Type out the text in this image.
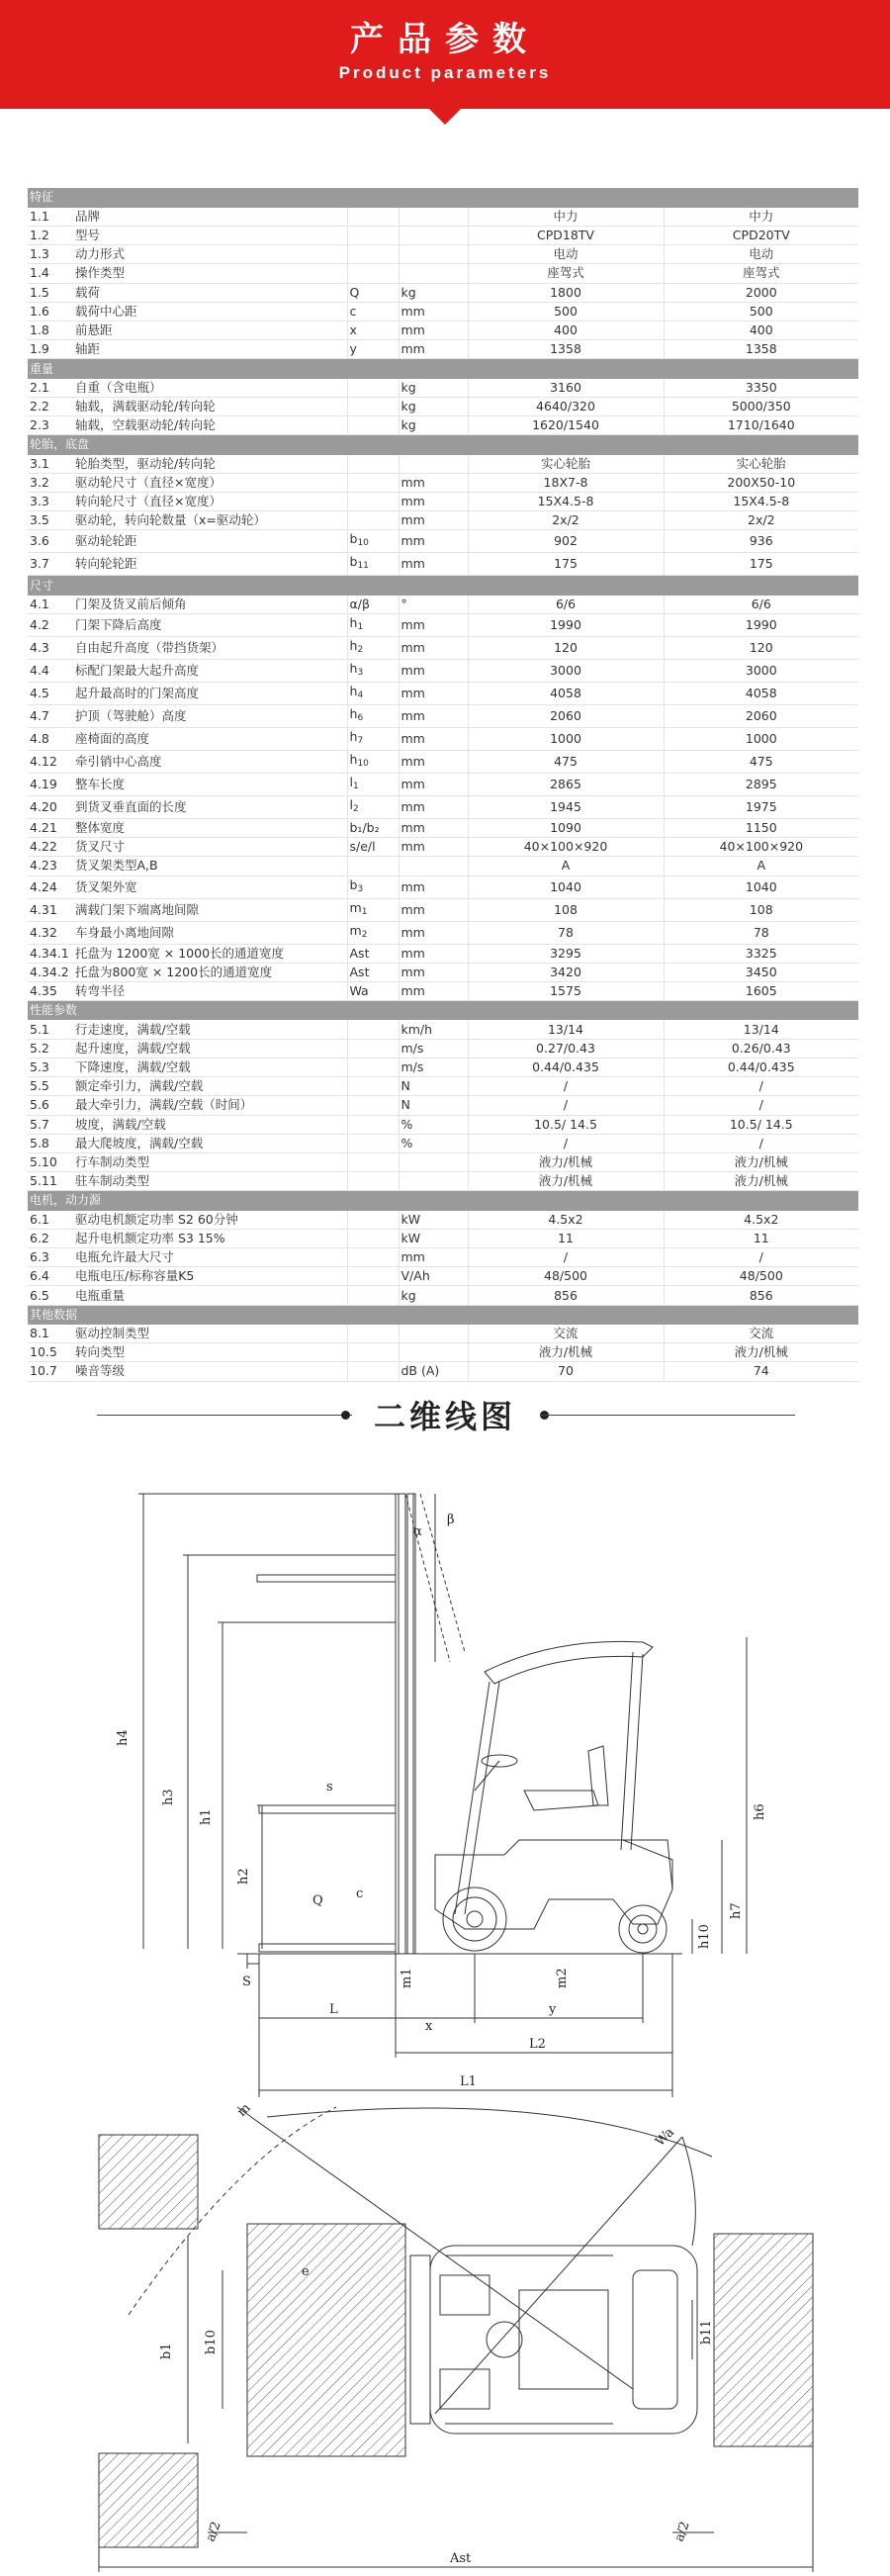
产品参数
Product parameters
特征					
1.1	品牌			中力	中力
1.2	型号			CPD18TV	CPD20TV
1.3	动力形式			电动	电动
1.4	操作类型			座驾式	座驾式
1.5	载荷	Q	kg	1800	2000
1.6	载荷中心距	c	mm	500	500
1.8	前悬距	x	mm	400	400
1.9	轴距	y	mm	1358	1358
重量					
2.1	自重（含电瓶）		kg	3160	3350
2.2	轴载，满载驱动轮/转向轮		kg	4640/320	5000/350
2.3	轴载，空载驱动轮/转向轮		kg	1620/1540	1710/1640
轮胎，底盘					
3.1	轮胎类型，驱动轮/转向轮			实心轮胎	实心轮胎
3.2	驱动轮尺寸（直径×宽度）		mm	18X7-8	200X50-10
3.3	转向轮尺寸（直径×宽度）		mm	15X4.5-8	15X4.5-8
3.5	驱动轮，转向轮数量（x=驱动轮）		mm	2x/2	2x/2
3.6	驱动轮轮距	$b_{10}$	mm	902	936
3.7	转向轮轮距	$b_{11}$	mm	175	175
尺寸					
4.1	门架及货叉前后倾角	α/β	°	6/6	6/6
4.2	门架下降后高度	$h_1$	mm	1990	1990
4.3	自由起升高度（带挡货架）	$h_2$	mm	120	120
4.4	标配门架最大起升高度	$h_3$	mm	3000	3000
4.5	起升最高时的门架高度	$h_4$	mm	4058	4058
4.7	护顶（驾驶舱）高度	$h_6$	mm	2060	2060
4.8	座椅面的高度	$h_7$	mm	1000	1000
4.12	牵引销中心高度	$h_{10}$	mm	475	475
4.19	整车长度	$l_1$	mm	2865	2895
4.20	到货叉垂直面的长度	$l_2$	mm	1945	1975
4.21	整体宽度	b₁/b₂	mm	1090	1150
4.22	货叉尺寸	s/e/l	mm	40×100×920	40×100×920
4.23	货叉架类型A,B			A	A
4.24	货叉架外宽	$b_3$	mm	1040	1040
4.31	满载门架下端离地间隙	$m_1$	mm	108	108
4.32	车身最小离地间隙	$m_2$	mm	78	78
4.34.1	托盘为 1200宽 × 1000长的通道宽度	Ast	mm	3295	3325
4.34.2	托盘为800宽 × 1200长的通道宽度	Ast	mm	3420	3450
4.35	转弯半径	Wa	mm	1575	1605
性能参数					
5.1	行走速度，满载/空载		km/h	13/14	13/14
5.2	起升速度，满载/空载		m/s	0.27/0.43	0.26/0.43
5.3	下降速度，满载/空载		m/s	0.44/0.435	0.44/0.435
5.5	额定牵引力，满载/空载		N	/	/
5.6	最大牵引力，满载/空载（时间）		N	/	/
5.7	坡度，满载/空载		%	10.5/ 14.5	10.5/ 14.5
5.8	最大爬坡度，满载/空载		%	/	/
5.10	行车制动类型			液力/机械	液力/机械
5.11	驻车制动类型			液力/机械	液力/机械
电机，动力源					
6.1	驱动电机额定功率 S2 60分钟		kW	4.5x2	4.5x2
6.2	起升电机额定功率 S3 15%		kW	11	11
6.3	电瓶允许最大尺寸		mm	/	/
6.4	电瓶电压/标称容量K5		V/Ah	48/500	48/500
6.5	电瓶重量		kg	856	856
其他数据					
8.1	驱动控制类型			交流	交流
10.5	转向类型			液力/机械	液力/机械
10.7	噪音等级		dB (A)	70	74
二维线图
h4
h3
h1
h2
s
c
Q
S
L
x
y
m1	m2
L2
L1
h6
h7
h10
α
β
b1 b10	b11
e
a/2	a/2
Ast
Wa
m
